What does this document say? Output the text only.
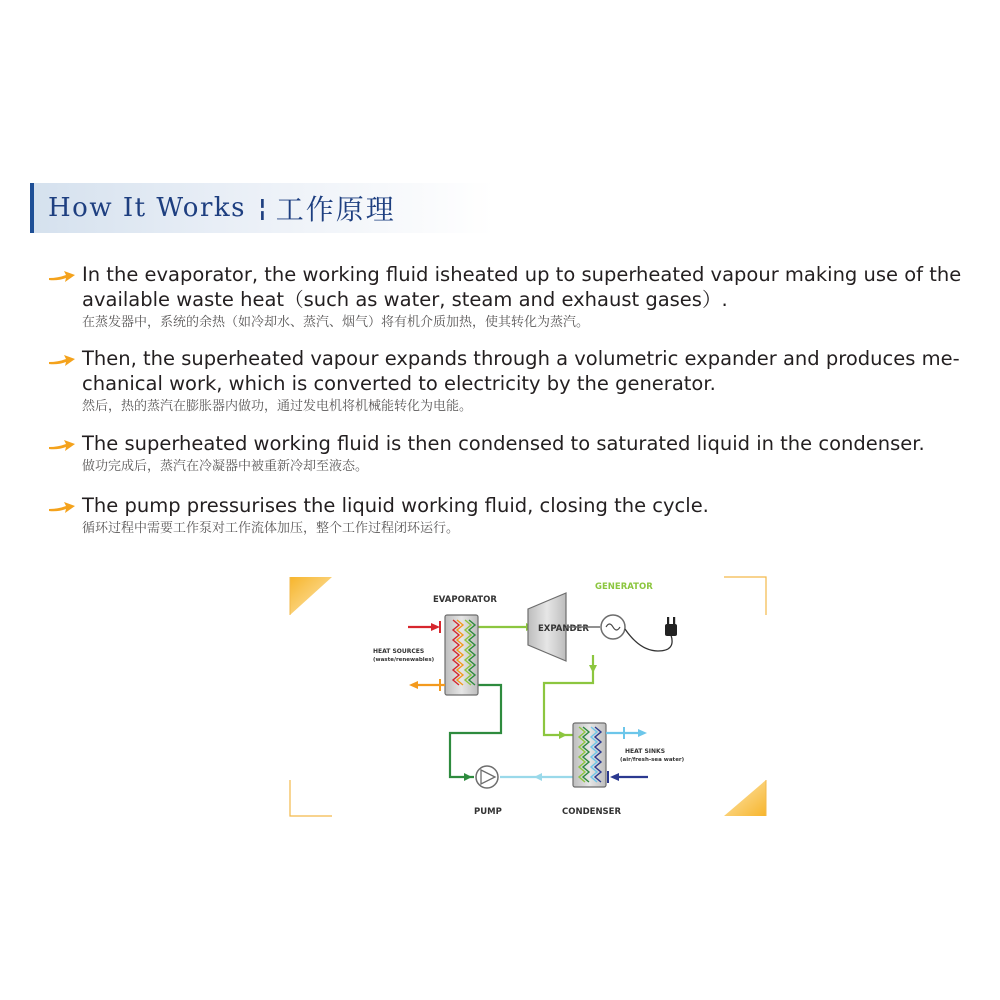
How It Works ¦ 工作原理
In the evaporator, the working fluid isheated up to superheated vapour making use of the available waste heat（such as water, steam and exhaust gases）.
在蒸发器中，系统的余热（如冷却水、蒸汽、烟气）将有机介质加热，使其转化为蒸汽。
Then, the superheated vapour expands through a volumetric expander and produces me-chanical work, which is converted to electricity by the generator.
然后，热的蒸汽在膨胀器内做功，通过发电机将机械能转化为电能。
The superheated working fluid is then condensed to saturated liquid in the condenser.
做功完成后，蒸汽在冷凝器中被重新冷却至液态。
The pump pressurises the liquid working fluid, closing the cycle.
循环过程中需要工作泵对工作流体加压，整个工作过程闭环运行。
EVAPORATOR
GENERATOR
HEAT SOURCES
(waste/renewables)
HEAT SINKS
(air/fresh-sea water)
PUMP	CONDENSER
EXPANDER
